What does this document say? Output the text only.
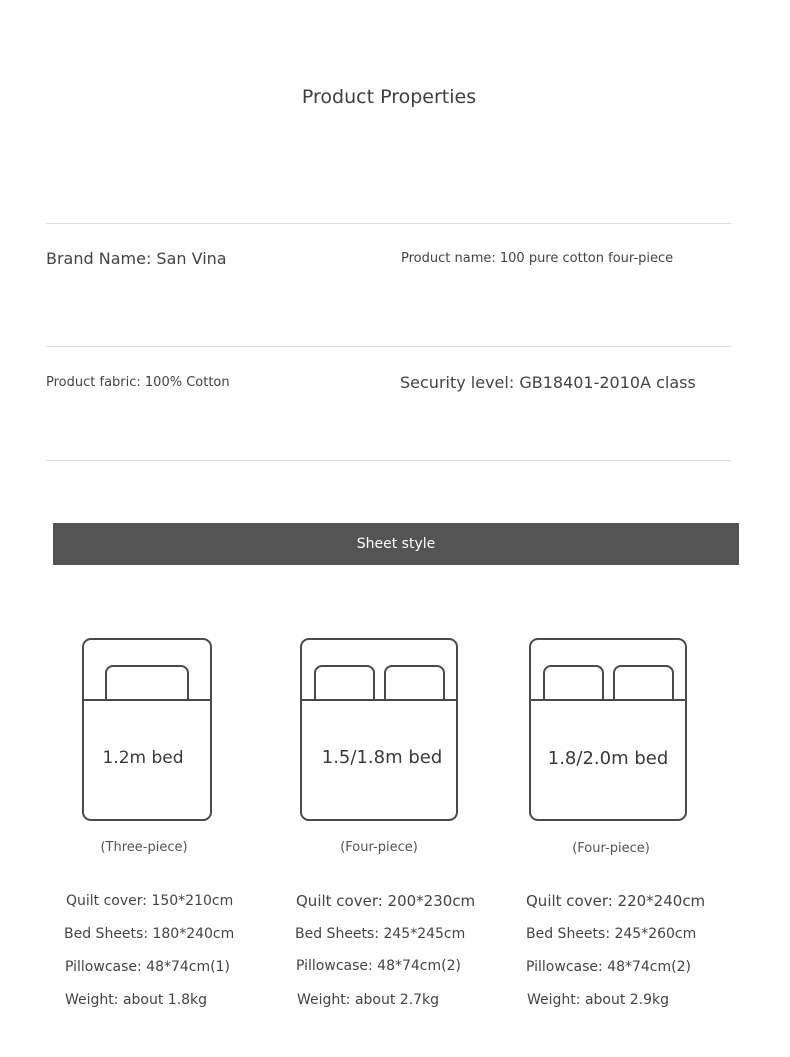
Product Properties
Brand Name: San Vina	Product name: 100 pure cotton four-piece
Product fabric: 100% Cotton	Security level: GB18401-2010A class
Sheet style
1.2m bed
(Three-piece)
Quilt cover: 150*210cm
Bed Sheets: 180*240cm
Pillowcase: 48*74cm(1)
Weight: about 1.8kg
1.5/1.8m bed
(Four-piece)
Quilt cover: 200*230cm
Bed Sheets: 245*245cm
Pillowcase: 48*74cm(2)
Weight: about 2.7kg
1.8/2.0m bed
(Four-piece)
Quilt cover: 220*240cm
Bed Sheets: 245*260cm
Pillowcase: 48*74cm(2)
Weight: about 2.9kg
